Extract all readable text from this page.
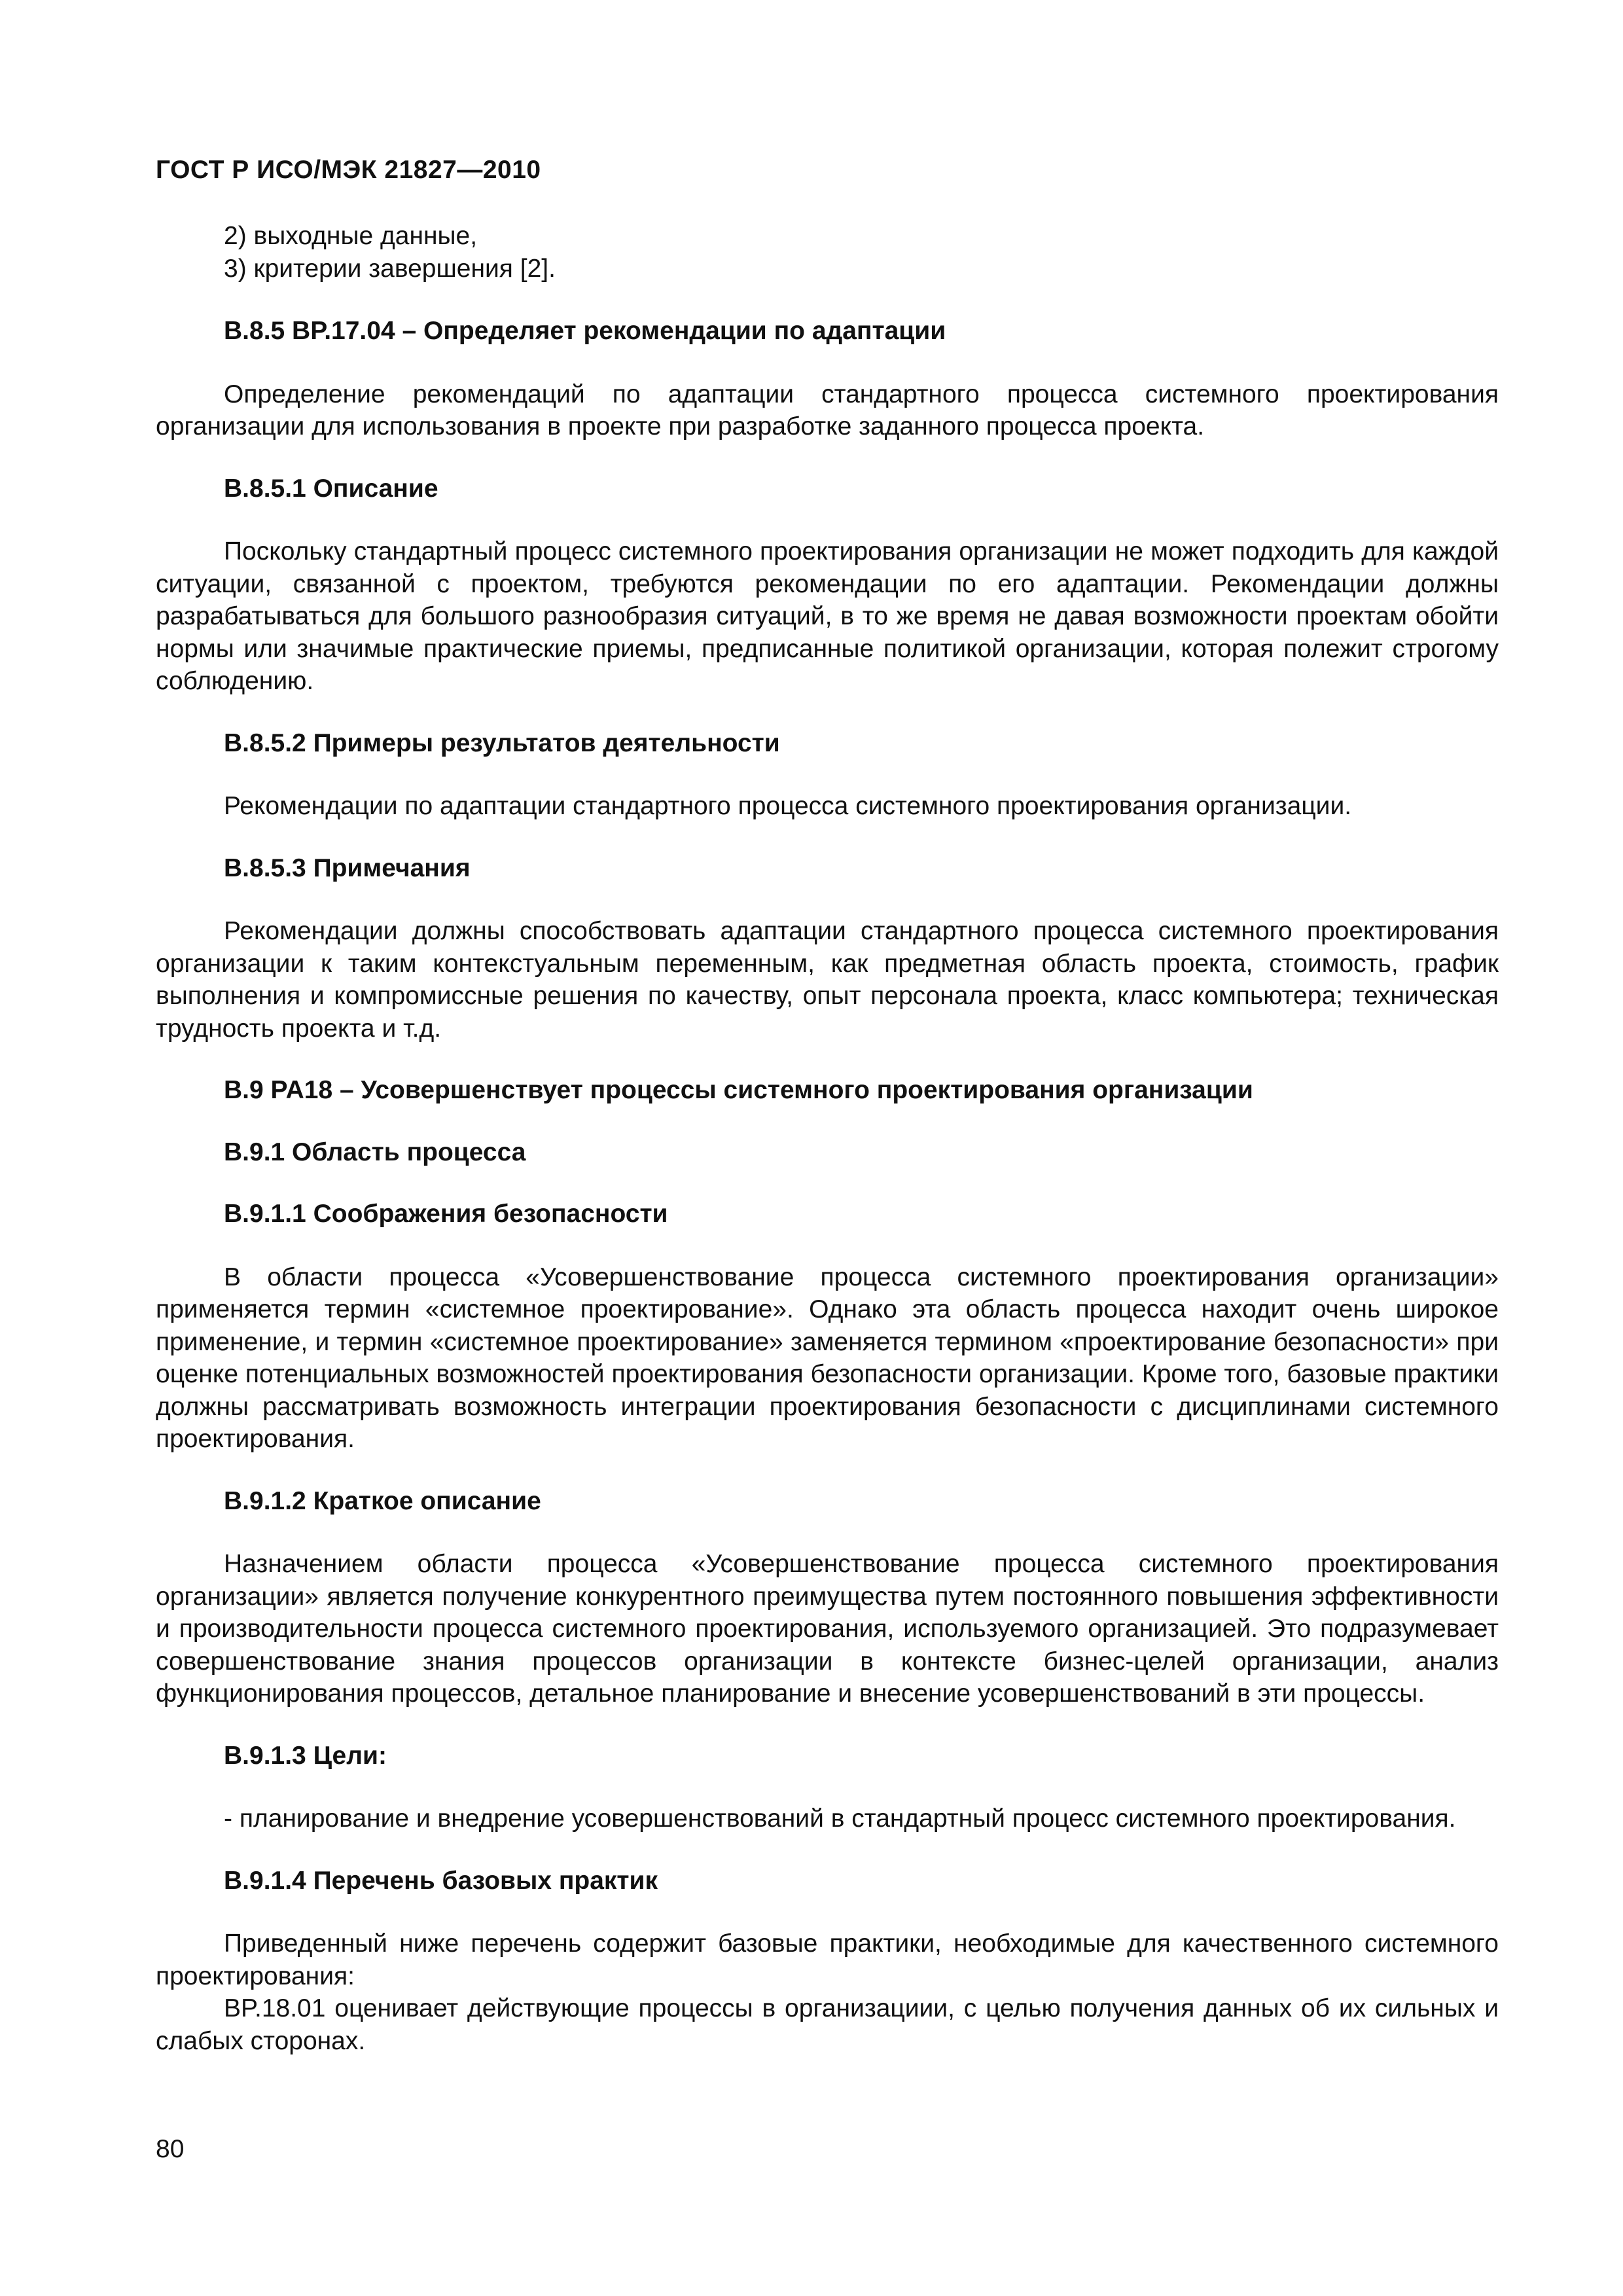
ГОСТ Р ИСО/МЭК 21827—2010
2) выходные данные,
3) критерии завершения [2].
В.8.5 BP.17.04 – Определяет рекомендации по адаптации

Определение рекомендаций по адаптации стандартного процесса системного проектирования организации для использования в проекте при разработке заданного процесса проекта.

В.8.5.1 Описание

Поскольку стандартный процесс системного проектирования организации не может подходить для каждой ситуации, связанной с проектом, требуются рекомендации по его адаптации. Рекомендации должны разрабатываться для большого разнообразия ситуаций, в то же время не давая возможности проектам обойти нормы или значимые практические приемы, предписанные политикой организации, которая полежит строгому соблюдению.

В.8.5.2 Примеры результатов деятельности

Рекомендации по адаптации стандартного процесса системного проектирования организации.

В.8.5.3 Примечания

Рекомендации должны способствовать адаптации стандартного процесса системного проектирования организации к таким контекстуальным переменным, как предметная область проекта, стоимость, график выполнения и компромиссные решения по качеству, опыт персонала проекта, класс компьютера; техническая трудность проекта и т.д.

В.9 PA18 – Усовершенствует процессы системного проектирования организации
В.9.1 Область процесса
В.9.1.1 Соображения безопасности

В области процесса «Усовершенствование процесса системного проектирования организации» применяется термин «системное проектирование». Однако эта область процесса находит очень широкое применение, и термин «системное проектирование» заменяется термином «проектирование безопасности» при оценке потенциальных возможностей проектирования безопасности организации. Кроме того, базовые практики должны рассматривать возможность интеграции проектирования безопасности с дисциплинами системного проектирования.

В.9.1.2 Краткое описание

Назначением области процесса «Усовершенствование процесса системного проектирования организации» является получение конкурентного преимущества путем постоянного повышения эффективности и производительности процесса системного проектирования, используемого организацией. Это подразумевает совершенствование знания процессов организации в контексте бизнес-целей организации, анализ функционирования процессов, детальное планирование и внесение усовершенствований в эти процессы.

В.9.1.3 Цели:

- планирование и внедрение усовершенствований в стандартный процесс системного проектирования.

В.9.1.4 Перечень базовых практик

Приведенный ниже перечень содержит базовые практики, необходимые для качественного системного проектирования:

BP.18.01 оценивает действующие процессы в организациии, с целью получения данных об их сильных и слабых сторонах.

80
